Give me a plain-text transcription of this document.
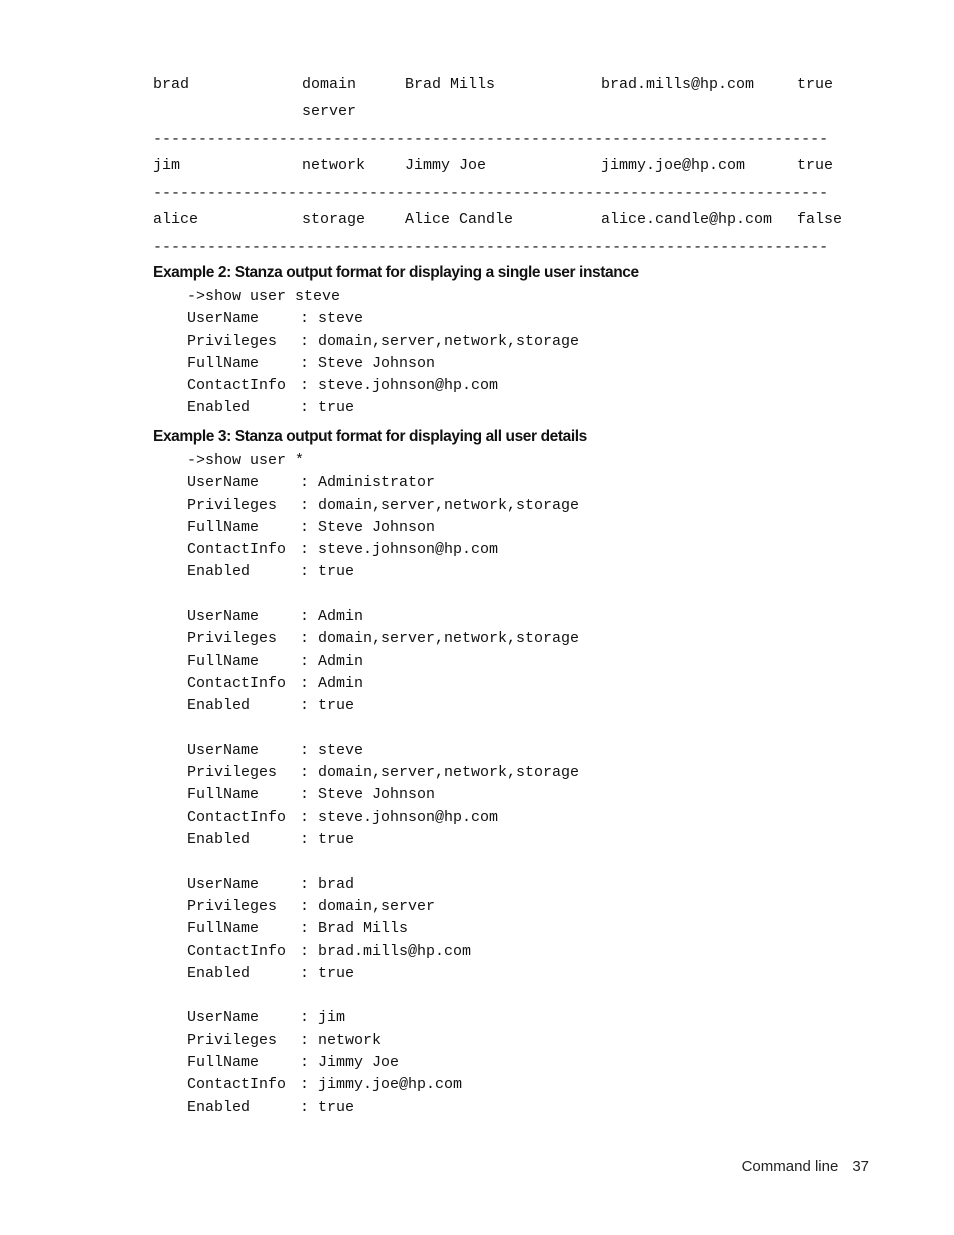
brad	domain	Brad Mills	brad.mills@hp.com	true
server
---------------------------------------------------------------------------
jim	network	Jimmy Joe	jimmy.joe@hp.com	true
---------------------------------------------------------------------------
alice	storage	Alice Candle	alice.candle@hp.com false
---------------------------------------------------------------------------
Example 2: Stanza output format for displaying a single user instance
->show user steve
UserName	: steve
Privileges : domain,server,network,storage
FullName	: Steve Johnson
ContactInfo : steve.johnson@hp.com
Enabled	: true
Example 3: Stanza output format for displaying all user details
->show user *
UserName	: Administrator
Privileges : domain,server,network,storage
FullName	: Steve Johnson
ContactInfo : steve.johnson@hp.com
Enabled	: true
UserName	: Admin
Privileges : domain,server,network,storage
FullName	: Admin
ContactInfo : Admin
Enabled	: true
UserName	: steve
Privileges : domain,server,network,storage
FullName	: Steve Johnson
ContactInfo : steve.johnson@hp.com
Enabled	: true
UserName	: brad
Privileges : domain,server
FullName	: Brad Mills
ContactInfo : brad.mills@hp.com
Enabled	: true
UserName	: jim
Privileges : network
FullName	: Jimmy Joe
ContactInfo : jimmy.joe@hp.com
Enabled	: true
Command line 37
